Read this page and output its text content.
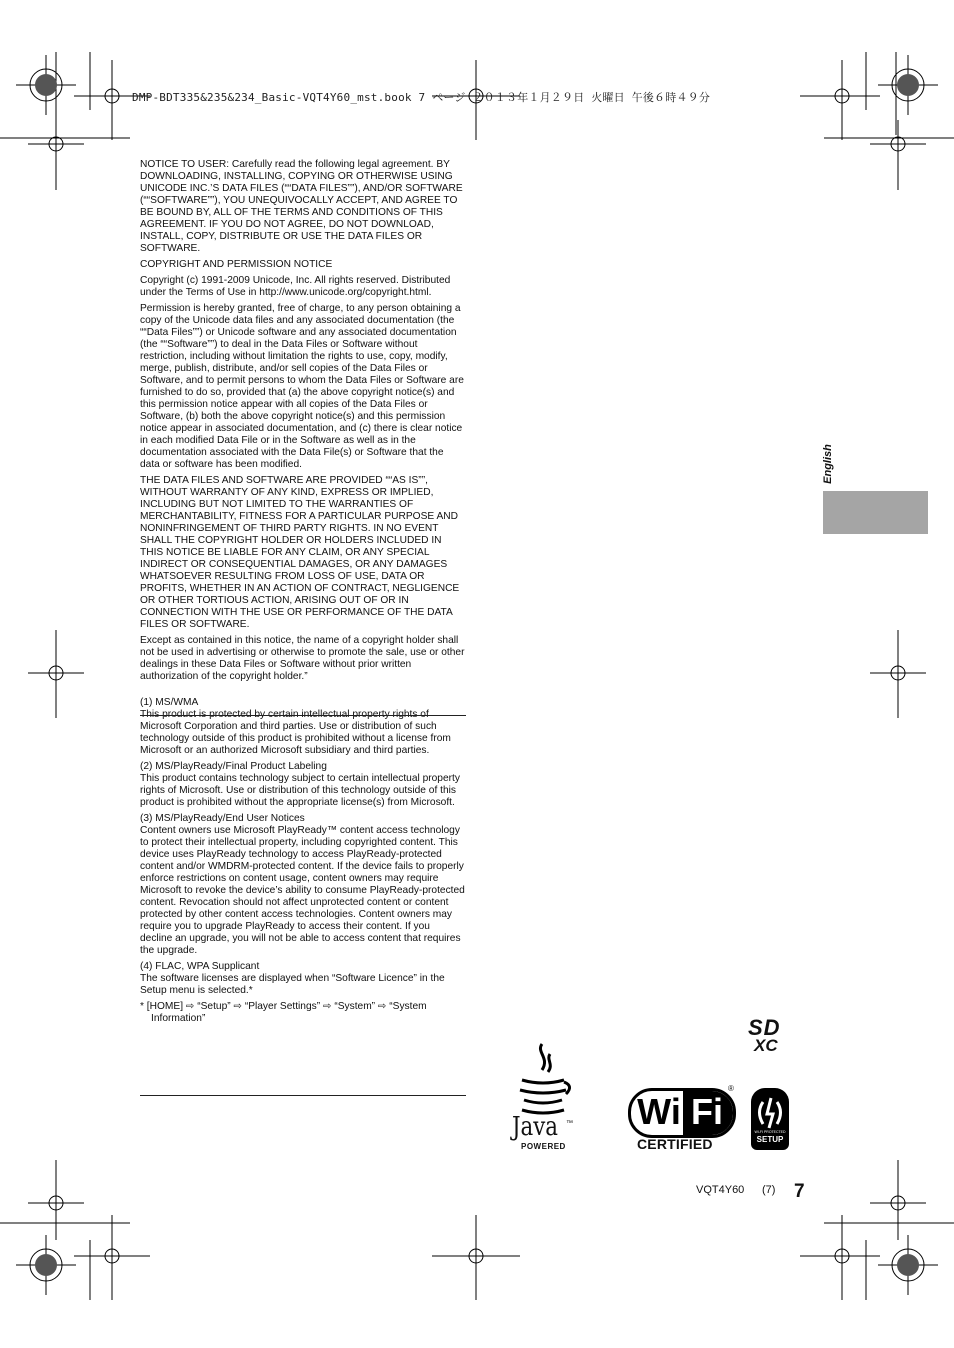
DMP-BDT335&235&234_Basic-VQT4Y60_mst.book 7 ページ ２０１３年１月２９日 火曜日 午後６時４９分
English

NOTICE TO USER: Carefully read the following legal agreement. BY DOWNLOADING, INSTALLING, COPYING OR OTHERWISE USING UNICODE INC.’S DATA FILES (““DATA FILES””), AND/OR SOFTWARE (““SOFTWARE””), YOU UNEQUIVOCALLY ACCEPT, AND AGREE TO BE BOUND BY, ALL OF THE TERMS AND CONDITIONS OF THIS AGREEMENT. IF YOU DO NOT AGREE, DO NOT DOWNLOAD, INSTALL, COPY, DISTRIBUTE OR USE THE DATA FILES OR SOFTWARE.

COPYRIGHT AND PERMISSION NOTICE

Copyright (c) 1991-2009 Unicode, Inc. All rights reserved. Distributed under the Terms of Use in http://www.unicode.org/copyright.html.

Permission is hereby granted, free of charge, to any person obtaining a copy of the Unicode data files and any associated documentation (the ““Data Files””) or Unicode software and any associated documentation (the ““Software””) to deal in the Data Files or Software without restriction, including without limitation the rights to use, copy, modify, merge, publish, distribute, and/or sell copies of the Data Files or Software, and to permit persons to whom the Data Files or Software are furnished to do so, provided that (a) the above copyright notice(s) and this permission notice appear with all copies of the Data Files or Software, (b) both the above copyright notice(s) and this permission notice appear in associated documentation, and (c) there is clear notice in each modified Data File or in the Software as well as in the documentation associated with the Data File(s) or Software that the data or software has been modified.

THE DATA FILES AND SOFTWARE ARE PROVIDED ““AS IS””, WITHOUT WARRANTY OF ANY KIND, EXPRESS OR IMPLIED, INCLUDING BUT NOT LIMITED TO THE WARRANTIES OF MERCHANTABILITY, FITNESS FOR A PARTICULAR PURPOSE AND NONINFRINGEMENT OF THIRD PARTY RIGHTS. IN NO EVENT SHALL THE COPYRIGHT HOLDER OR HOLDERS INCLUDED IN THIS NOTICE BE LIABLE FOR ANY CLAIM, OR ANY SPECIAL INDIRECT OR CONSEQUENTIAL DAMAGES, OR ANY DAMAGES WHATSOEVER RESULTING FROM LOSS OF USE, DATA OR PROFITS, WHETHER IN AN ACTION OF CONTRACT, NEGLIGENCE OR OTHER TORTIOUS ACTION, ARISING OUT OF OR IN CONNECTION WITH THE USE OR PERFORMANCE OF THE DATA FILES OR SOFTWARE.

Except as contained in this notice, the name of a copyright holder shall not be used in advertising or otherwise to promote the sale, use or other dealings in these Data Files or Software without prior written authorization of the copyright holder.”

(1) MS/WMA

This product is protected by certain intellectual property rights of Microsoft Corporation and third parties. Use or distribution of such technology outside of this product is prohibited without a license from Microsoft or an authorized Microsoft subsidiary and third parties.

(2) MS/PlayReady/Final Product Labeling

This product contains technology subject to certain intellectual property rights of Microsoft. Use or distribution of this technology outside of this product is prohibited without the appropriate license(s) from Microsoft.

(3) MS/PlayReady/End User Notices

Content owners use Microsoft PlayReady™ content access technology to protect their intellectual property, including copyrighted content. This device uses PlayReady technology to access PlayReady-protected content and/or WMDRM-protected content. If the device fails to properly enforce restrictions on content usage, content owners may require Microsoft to revoke the device’s ability to consume PlayReady-protected content. Revocation should not affect unprotected content or content protected by other content access technologies. Content owners may require you to upgrade PlayReady to access their content. If you decline an upgrade, you will not be able to access content that requires the upgrade.

(4) FLAC, WPA Supplicant

The software licenses are displayed when “Software Licence” in the Setup menu is selected.*

* [HOME] ⇨ “Setup” ⇨ “Player Settings” ⇨ “System” ⇨ “System Information”	SD
XC
Java ™
POWERED
Wi Fi
®
CERTIFIED
WI-FI PROTECTED
SETUP
VQT4Y60 (7) 7
